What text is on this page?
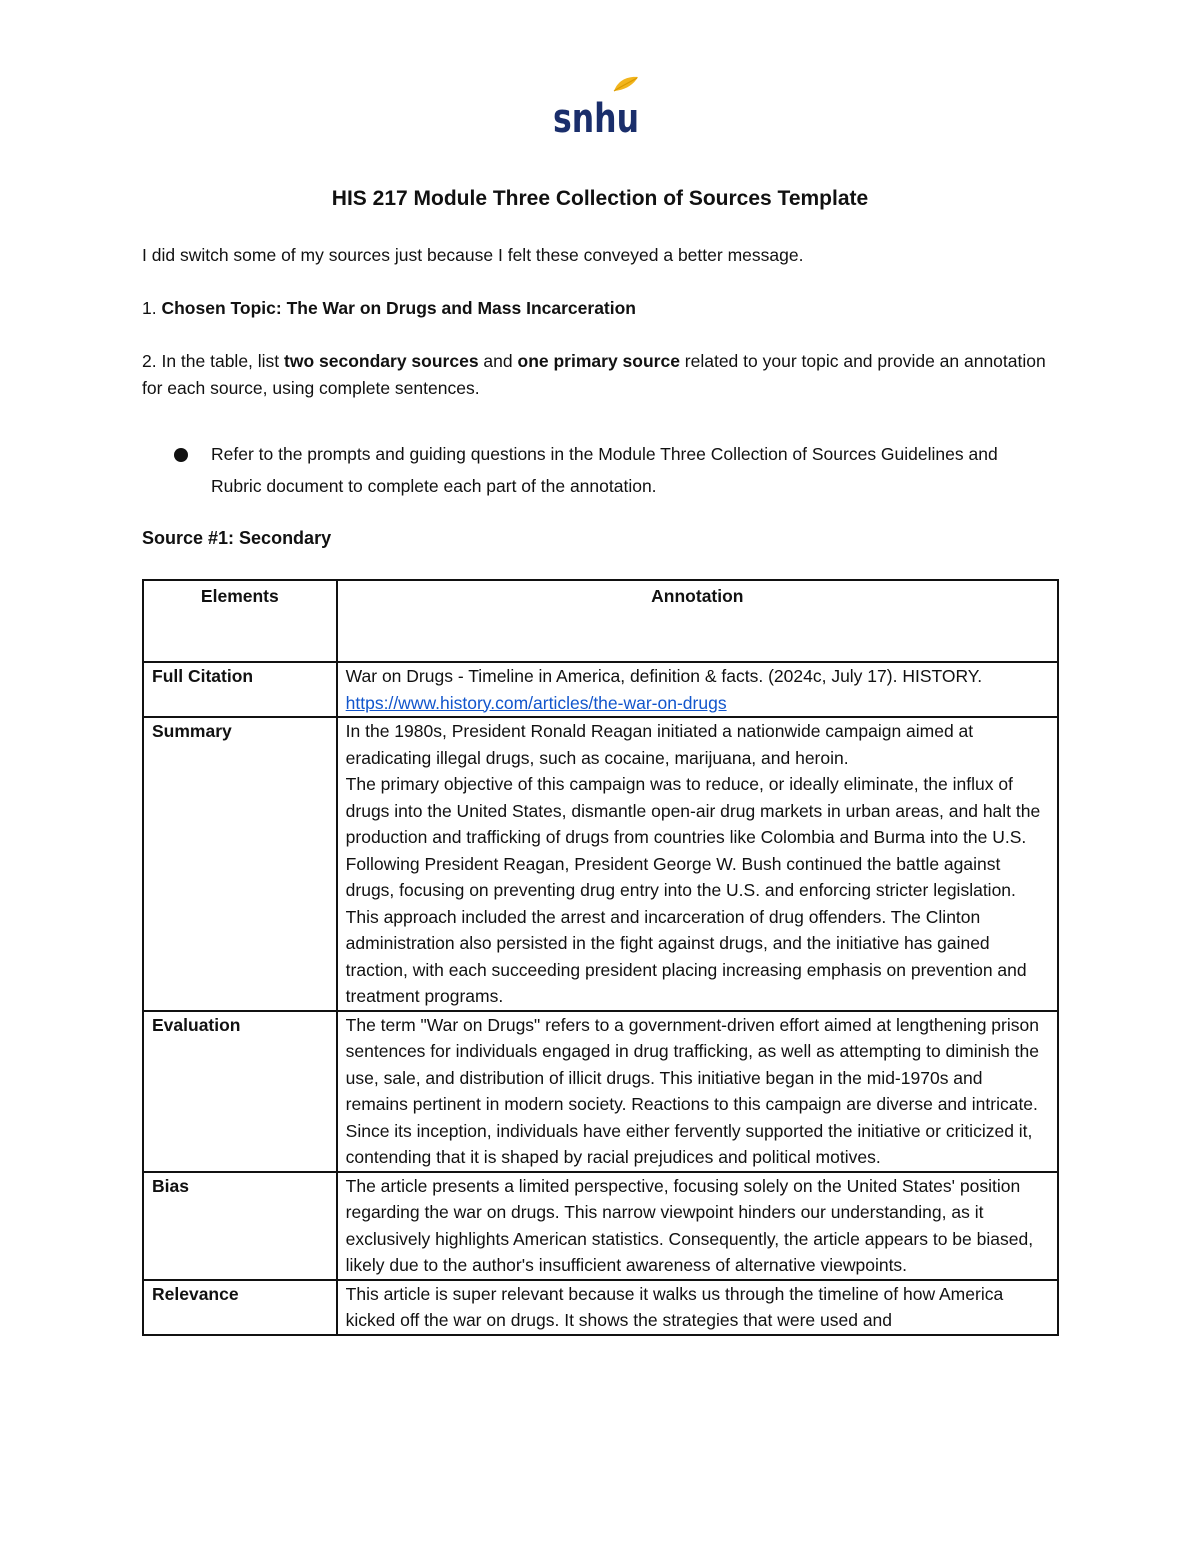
snhu
HIS 217 Module Three Collection of Sources Template
I did switch some of my sources just because I felt these conveyed a better message.
1. Chosen Topic: The War on Drugs and Mass Incarceration
2. In the table, list two secondary sources and one primary source related to your topic and provide an annotation for each source, using complete sentences.
Refer to the prompts and guiding questions in the Module Three Collection of Sources Guidelines and Rubric document to complete each part of the annotation.
Source #1: Secondary
Elements	Annotation
Full Citation	War on Drugs - Timeline in America, definition & facts. (2024c, July 17). HISTORY. https://www.history.com/articles/the-war-on-drugs
Summary	In the 1980s, President Ronald Reagan initiated a nationwide campaign aimed at eradicating illegal drugs, such as cocaine, marijuana, and heroin.
The primary objective of this campaign was to reduce, or ideally eliminate, the influx of drugs into the United States, dismantle open-air drug markets in urban areas, and halt the production and trafficking of drugs from countries like Colombia and Burma into the U.S. Following President Reagan, President George W. Bush continued the battle against drugs, focusing on preventing drug entry into the U.S. and enforcing stricter legislation. This approach included the arrest and incarceration of drug offenders. The Clinton administration also persisted in the fight against drugs, and the initiative has gained traction, with each succeeding president placing increasing emphasis on prevention and treatment programs.

Evaluation	The term "War on Drugs" refers to a government-driven effort aimed at lengthening prison sentences for individuals engaged in drug trafficking, as well as attempting to diminish the use, sale, and distribution of illicit drugs. This initiative began in the mid-1970s and remains pertinent in modern society. Reactions to this campaign are diverse and intricate. Since its inception, individuals have either fervently supported the initiative or criticized it, contending that it is shaped by racial prejudices and political motives.
Bias	The article presents a limited perspective, focusing solely on the United States' position regarding the war on drugs. This narrow viewpoint hinders our understanding, as it exclusively highlights American statistics. Consequently, the article appears to be biased, likely due to the author's insufficient awareness of alternative viewpoints.
Relevance	This article is super relevant because it walks us through the timeline of how America kicked off the war on drugs. It shows the strategies that were used and
